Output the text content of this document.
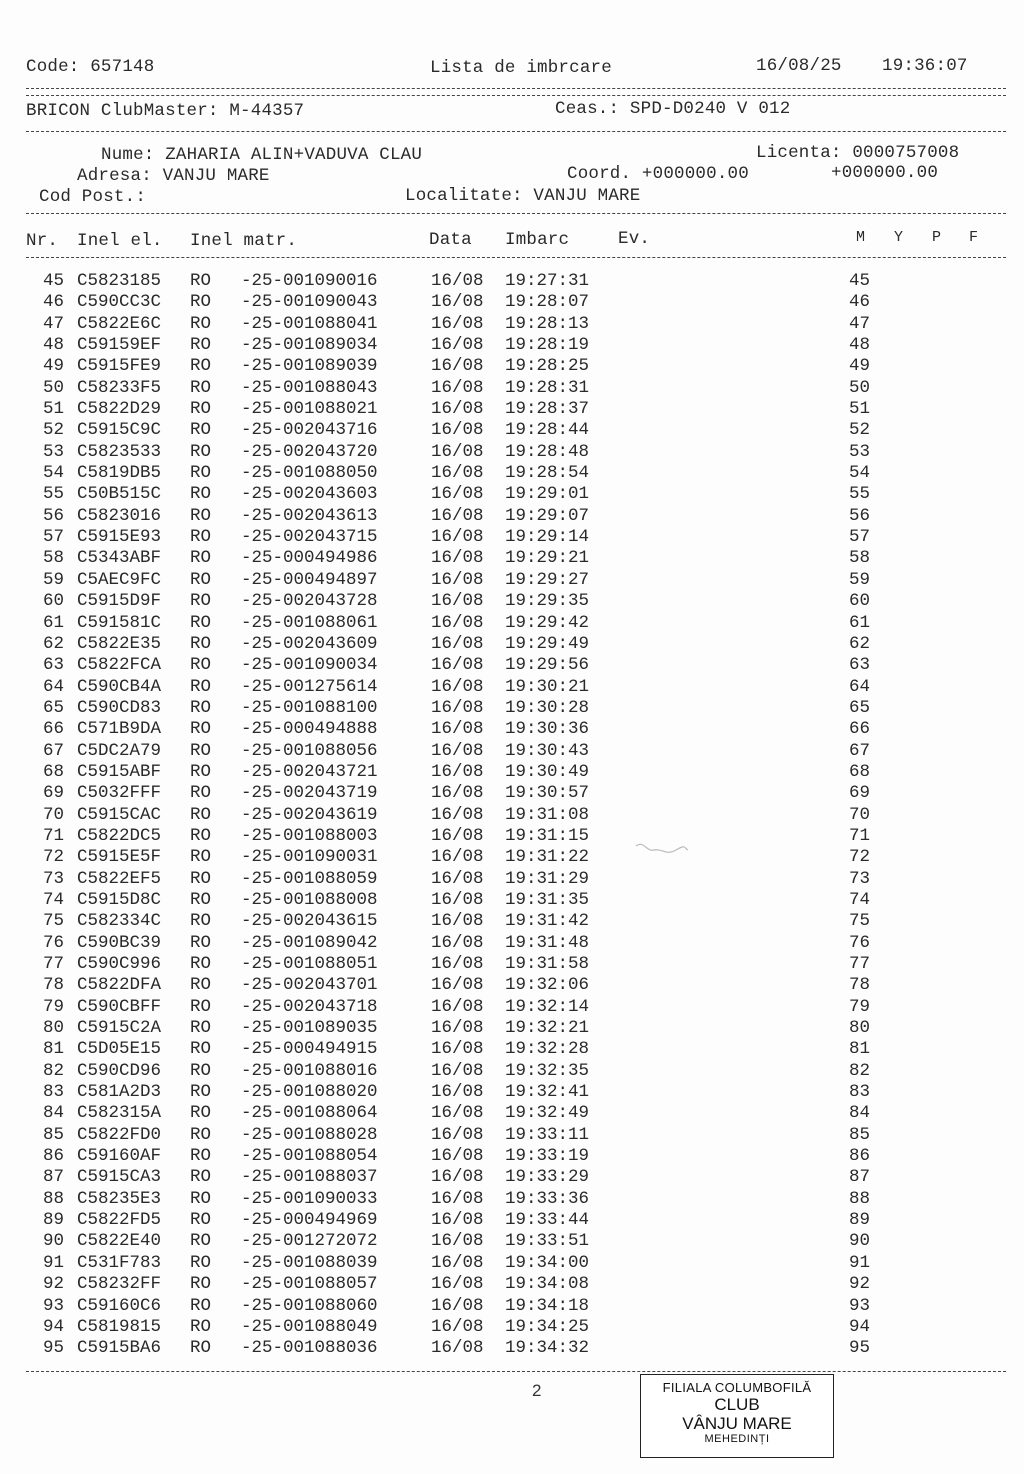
Code: 657148	Lista de imbrcare	16/08/25 19:36:07
BRICON ClubMaster: M-44357	Ceas.: SPD-D0240 V 012
Nume: ZAHARIA ALIN+VADUVA CLAU	Licenta: 0000757008
Adresa: VANJU MARE	Coord. +000000.00	+000000.00
Cod Post.:	Localitate: VANJU MARE
Nr. Inel el. Inel matr.	Data Imbarc	Ev.	M Y P F
45 C5823185 RO -25-001090016	16/08 19:27:31	45
46 C590CC3C RO -25-001090043	16/08 19:28:07	46
47 C5822E6C RO -25-001088041	16/08 19:28:13	47
48 C59159EF RO -25-001089034	16/08 19:28:19	48
49 C5915FE9 RO -25-001089039	16/08 19:28:25	49
50 C58233F5 RO -25-001088043	16/08 19:28:31	50
51 C5822D29 RO -25-001088021	16/08 19:28:37	51
52 C5915C9C RO -25-002043716	16/08 19:28:44	52
53 C5823533 RO -25-002043720	16/08 19:28:48	53
54 C5819DB5 RO -25-001088050	16/08 19:28:54	54
55 C50B515C RO -25-002043603	16/08 19:29:01	55
56 C5823016 RO -25-002043613	16/08 19:29:07	56
57 C5915E93 RO -25-002043715	16/08 19:29:14	57
58 C5343ABF RO -25-000494986	16/08 19:29:21	58
59 C5AEC9FC RO -25-000494897	16/08 19:29:27	59
60 C5915D9F RO -25-002043728	16/08 19:29:35	60
61 C591581C RO -25-001088061	16/08 19:29:42	61
62 C5822E35 RO -25-002043609	16/08 19:29:49	62
63 C5822FCA RO -25-001090034	16/08 19:29:56	63
64 C590CB4A RO -25-001275614	16/08 19:30:21	64
65 C590CD83 RO -25-001088100	16/08 19:30:28	65
66 C571B9DA RO -25-000494888	16/08 19:30:36	66
67 C5DC2A79 RO -25-001088056	16/08 19:30:43	67
68 C5915ABF RO -25-002043721	16/08 19:30:49	68
69 C5032FFF RO -25-002043719	16/08 19:30:57	69
70 C5915CAC RO -25-002043619	16/08 19:31:08	70
71 C5822DC5 RO -25-001088003	16/08 19:31:15	71
72 C5915E5F RO -25-001090031	16/08 19:31:22	72
73 C5822EF5 RO -25-001088059	16/08 19:31:29	73
74 C5915D8C RO -25-001088008	16/08 19:31:35	74
75 C582334C RO -25-002043615	16/08 19:31:42	75
76 C590BC39 RO -25-001089042	16/08 19:31:48	76
77 C590C996 RO -25-001088051	16/08 19:31:58	77
78 C5822DFA RO -25-002043701	16/08 19:32:06	78
79 C590CBFF RO -25-002043718	16/08 19:32:14	79
80 C5915C2A RO -25-001089035	16/08 19:32:21	80
81 C5D05E15 RO -25-000494915	16/08 19:32:28	81
82 C590CD96 RO -25-001088016	16/08 19:32:35	82
83 C581A2D3 RO -25-001088020	16/08 19:32:41	83
84 C582315A RO -25-001088064	16/08 19:32:49	84
85 C5822FD0 RO -25-001088028	16/08 19:33:11	85
86 C59160AF RO -25-001088054	16/08 19:33:19	86
87 C5915CA3 RO -25-001088037	16/08 19:33:29	87
88 C58235E3 RO -25-001090033	16/08 19:33:36	88
89 C5822FD5 RO -25-000494969	16/08 19:33:44	89
90 C5822E40 RO -25-001272072	16/08 19:33:51	90
91 C531F783 RO -25-001088039	16/08 19:34:00	91
92 C58232FF RO -25-001088057	16/08 19:34:08	92
93 C59160C6 RO -25-001088060	16/08 19:34:18	93
94 C5819815 RO -25-001088049	16/08 19:34:25	94
95 C5915BA6 RO -25-001088036	16/08 19:34:32	95
2	FILIALA COLUMBOFILĂ
CLUB
VÂNJU MARE
MEHEDINȚI
